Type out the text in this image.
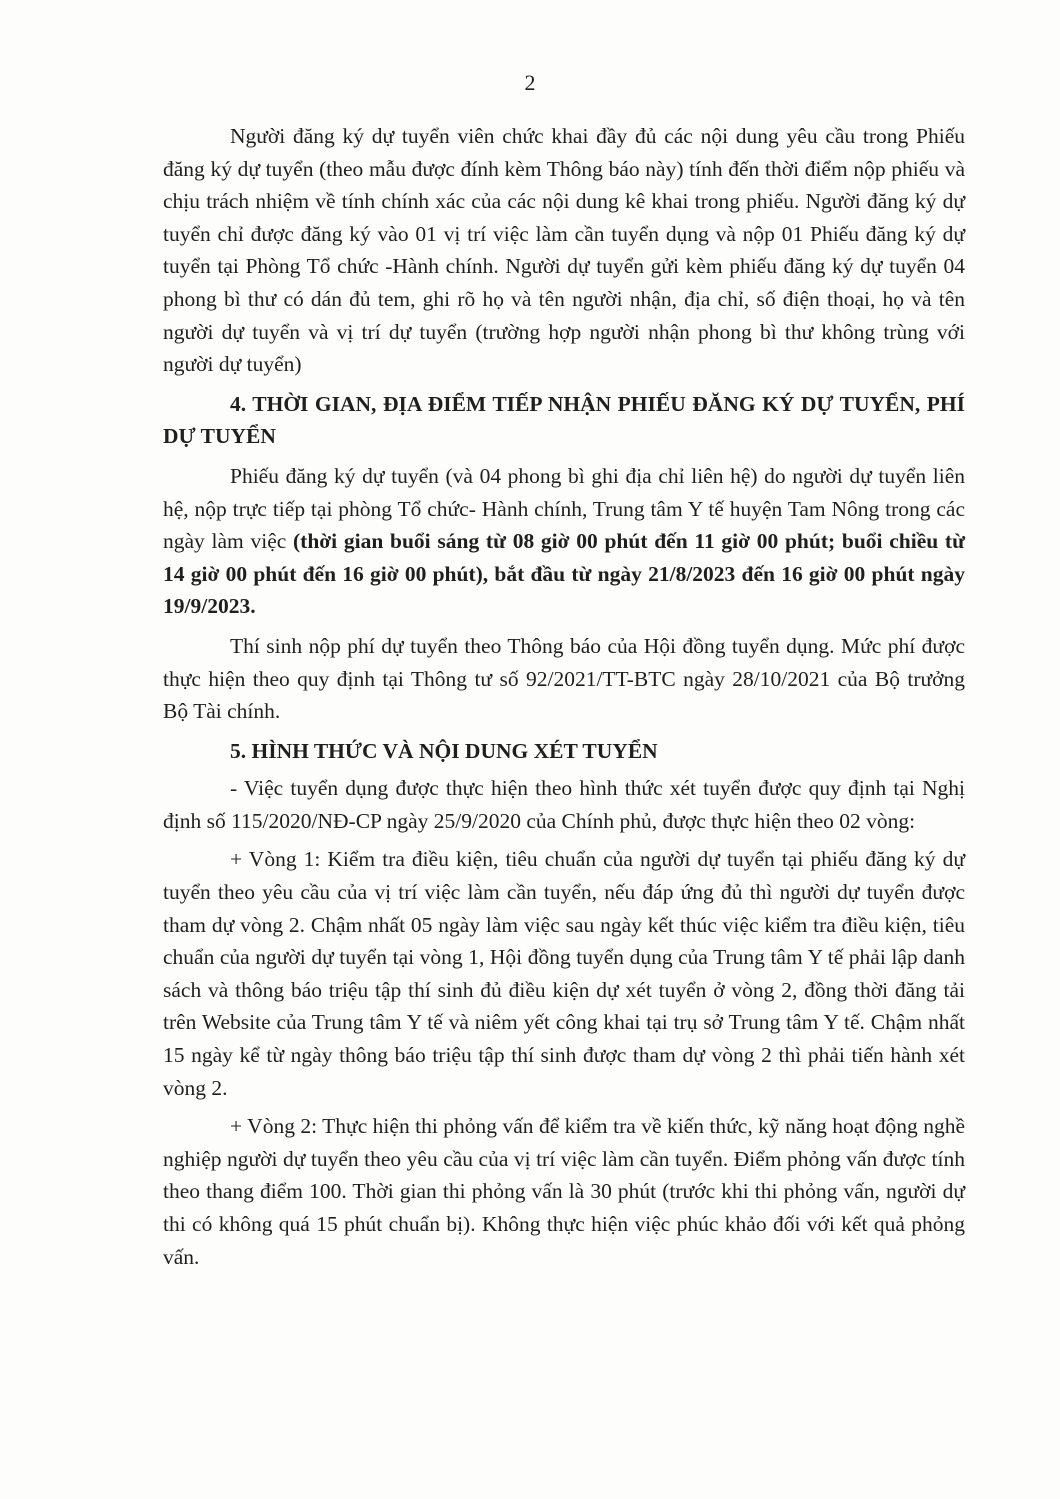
2

Người đăng ký dự tuyển viên chức khai đầy đủ các nội dung yêu cầu trong Phiếu đăng ký dự tuyển (theo mẫu được đính kèm Thông báo này) tính đến thời điểm nộp phiếu và chịu trách nhiệm về tính chính xác của các nội dung kê khai trong phiếu. Người đăng ký dự tuyển chỉ được đăng ký vào 01 vị trí việc làm cần tuyển dụng và nộp 01 Phiếu đăng ký dự tuyển tại Phòng Tổ chức -Hành chính. Người dự tuyển gửi kèm phiếu đăng ký dự tuyển 04 phong bì thư có dán đủ tem, ghi rõ họ và tên người nhận, địa chỉ, số điện thoại, họ và tên người dự tuyển và vị trí dự tuyển (trường hợp người nhận phong bì thư không trùng với người dự tuyển)

4. THỜI GIAN, ĐỊA ĐIỂM TIẾP NHẬN PHIẾU ĐĂNG KÝ DỰ TUYỂN, PHÍ DỰ TUYỂN

Phiếu đăng ký dự tuyển (và 04 phong bì ghi địa chỉ liên hệ) do người dự tuyển liên hệ, nộp trực tiếp tại phòng Tổ chức- Hành chính, Trung tâm Y tế huyện Tam Nông trong các ngày làm việc (thời gian buổi sáng từ 08 giờ 00 phút đến 11 giờ 00 phút; buổi chiều từ 14 giờ 00 phút đến 16 giờ 00 phút), bắt đầu từ ngày 21/8/2023 đến 16 giờ 00 phút ngày 19/9/2023.

Thí sinh nộp phí dự tuyển theo Thông báo của Hội đồng tuyển dụng. Mức phí được thực hiện theo quy định tại Thông tư số 92/2021/TT-BTC ngày 28/10/2021 của Bộ trưởng Bộ Tài chính.

5. HÌNH THỨC VÀ NỘI DUNG XÉT TUYỂN

- Việc tuyển dụng được thực hiện theo hình thức xét tuyển được quy định tại Nghị định số 115/2020/NĐ-CP ngày 25/9/2020 của Chính phủ, được thực hiện theo 02 vòng:

+ Vòng 1: Kiểm tra điều kiện, tiêu chuẩn của người dự tuyển tại phiếu đăng ký dự tuyển theo yêu cầu của vị trí việc làm cần tuyển, nếu đáp ứng đủ thì người dự tuyển được tham dự vòng 2. Chậm nhất 05 ngày làm việc sau ngày kết thúc việc kiểm tra điều kiện, tiêu chuẩn của người dự tuyển tại vòng 1, Hội đồng tuyển dụng của Trung tâm Y tế phải lập danh sách và thông báo triệu tập thí sinh đủ điều kiện dự xét tuyển ở vòng 2, đồng thời đăng tải trên Website của Trung tâm Y tế và niêm yết công khai tại trụ sở Trung tâm Y tế. Chậm nhất 15 ngày kể từ ngày thông báo triệu tập thí sinh được tham dự vòng 2 thì phải tiến hành xét vòng 2.

+ Vòng 2: Thực hiện thi phỏng vấn để kiểm tra về kiến thức, kỹ năng hoạt động nghề nghiệp người dự tuyển theo yêu cầu của vị trí việc làm cần tuyển. Điểm phỏng vấn được tính theo thang điểm 100. Thời gian thi phỏng vấn là 30 phút (trước khi thi phỏng vấn, người dự thi có không quá 15 phút chuẩn bị). Không thực hiện việc phúc khảo đối với kết quả phỏng vấn.
